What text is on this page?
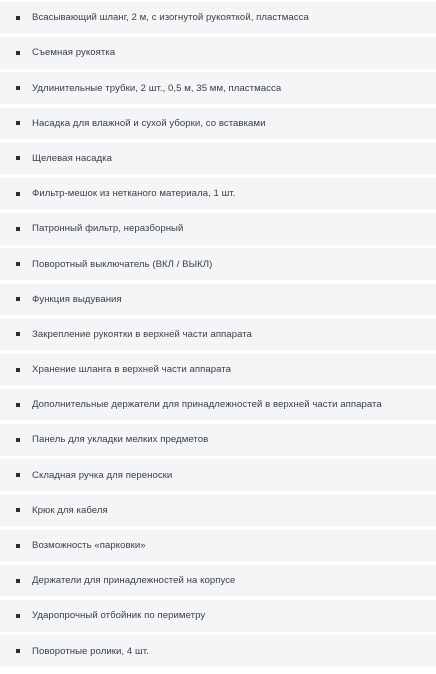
Всасывающий шланг, 2 м, с изогнутой рукояткой, пластмасса
Съемная рукоятка
Удлинительные трубки, 2 шт., 0,5 м, 35 мм, пластмасса
Насадка для влажной и сухой уборки, со вставками
Щелевая насадка
Фильтр-мешок из нетканого материала, 1 шт.
Патронный фильтр, неразборный
Поворотный выключатель (ВКЛ / ВЫКЛ)
Функция выдувания
Закрепление рукоятки в верхней части аппарата
Хранение шланга в верхней части аппарата
Дополнительные держатели для принадлежностей в верхней части аппарата
Панель для укладки мелких предметов
Складная ручка для переноски
Крюк для кабеля
Возможность «парковки»
Держатели для принадлежностей на корпусе
Ударопрочный отбойник по периметру
Поворотные ролики, 4 шт.
